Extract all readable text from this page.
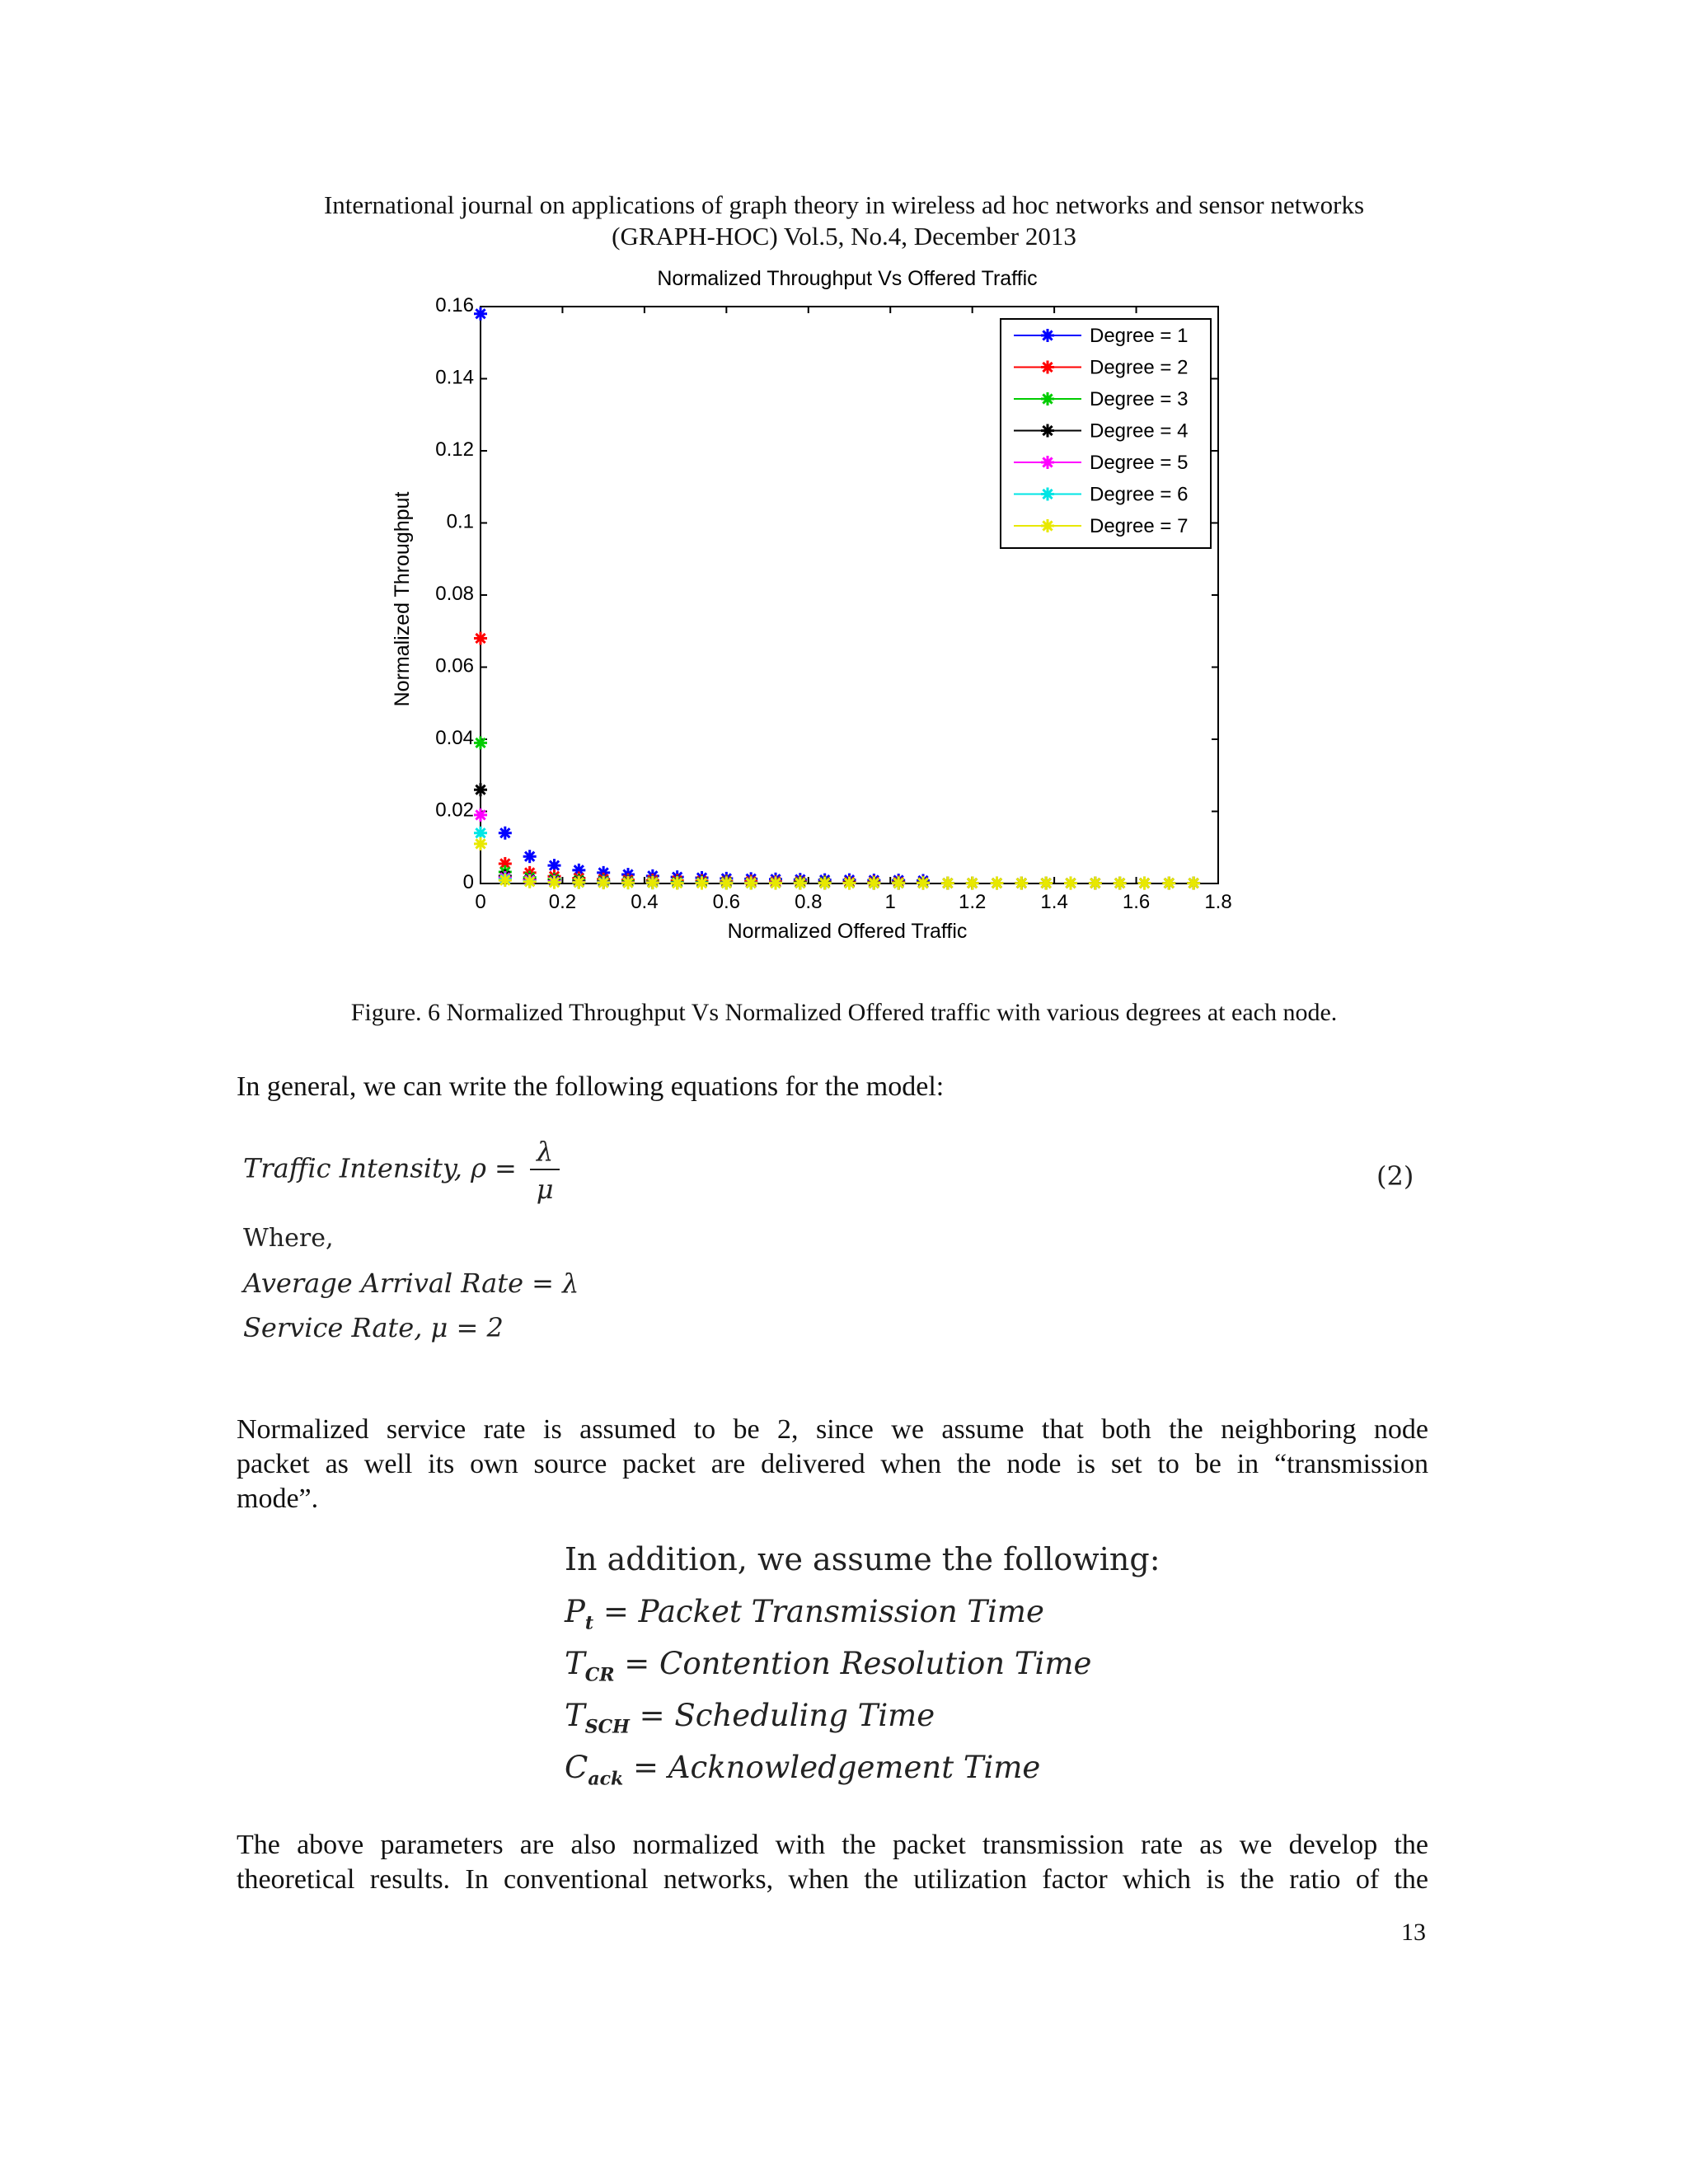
International journal on applications of graph theory in wireless ad hoc networks and sensor networks
(GRAPH-HOC) Vol.5, No.4, December 2013
Normalized Throughput Vs Offered Traffic
0	0.2	0.4	0.6	0.8	1	1.2	1.4	1.6	1.8
0
0.02
0.04
0.06
0.08
0.1
0.12
0.14
0.16
Normalized Offered Traffic
Normalized Throughput
Degree = 1
Degree = 2
Degree = 3
Degree = 4
Degree = 5
Degree = 6
Degree = 7
Figure. 6 Normalized Throughput Vs Normalized Offered traffic with various degrees at each node.
In general, we can write the following equations for the model:
Traffic Intensity, $\rho = \frac{\lambda}{\mu}$	(2)
Where,
Average Arrival Rate = λ
Service Rate, μ = 2
Normalized service rate is assumed to be 2, since we assume that both the neighboring node
packet as well its own source packet are delivered when the node is set to be in “transmission
mode”.
In addition, we assume the following:
$P_t$ = Packet Transmission Time
$T_{CR}$ = Contention Resolution Time
$T_{SCH}$ = Scheduling Time
$C_{ack}$ = Acknowledgement Time
The above parameters are also normalized with the packet transmission rate as we develop the
theoretical results. In conventional networks, when the utilization factor which is the ratio of the
13
